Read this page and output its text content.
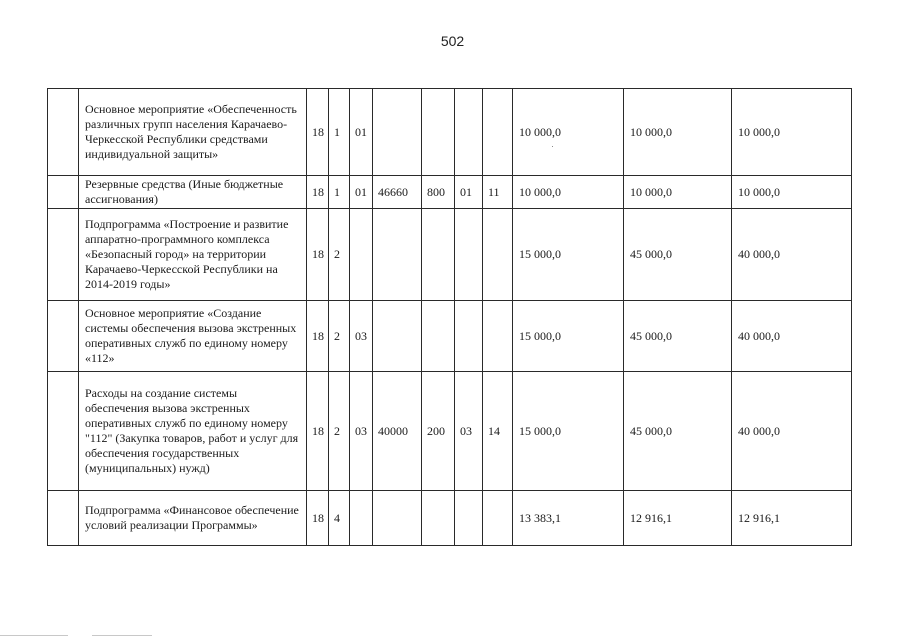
502
	Основное мероприятие «Обеспеченность различных групп населения Карачаево-Черкесской Республики средствами индивидуальной защиты»	18	1	01					10 000,0	10 000,0	10 000,0
	Резервные средства (Иные бюджетные ассигнования)	18	1	01	46660	800	01	11	10 000,0	10 000,0	10 000,0
	Подпрограмма «Построение и развитие аппаратно-программного комплекса «Безопасный город» на территории Карачаево-Черкесской Республики на 2014-2019 годы»	18	2						15 000,0	45 000,0	40 000,0
	Основное мероприятие «Создание системы обеспечения вызова экстренных оперативных служб по единому номеру «112»	18	2	03					15 000,0	45 000,0	40 000,0
	Расходы на создание системы обеспечения вызова экстренных оперативных служб по единому номеру "112" (Закупка товаров, работ и услуг для обеспечения государственных (муниципальных) нужд)	18	2	03	40000	200	03	14	15 000,0	45 000,0	40 000,0
	Подпрограмма «Финансовое обеспечение условий реализации Программы»	18	4						13 383,1	12 916,1	12 916,1
·
